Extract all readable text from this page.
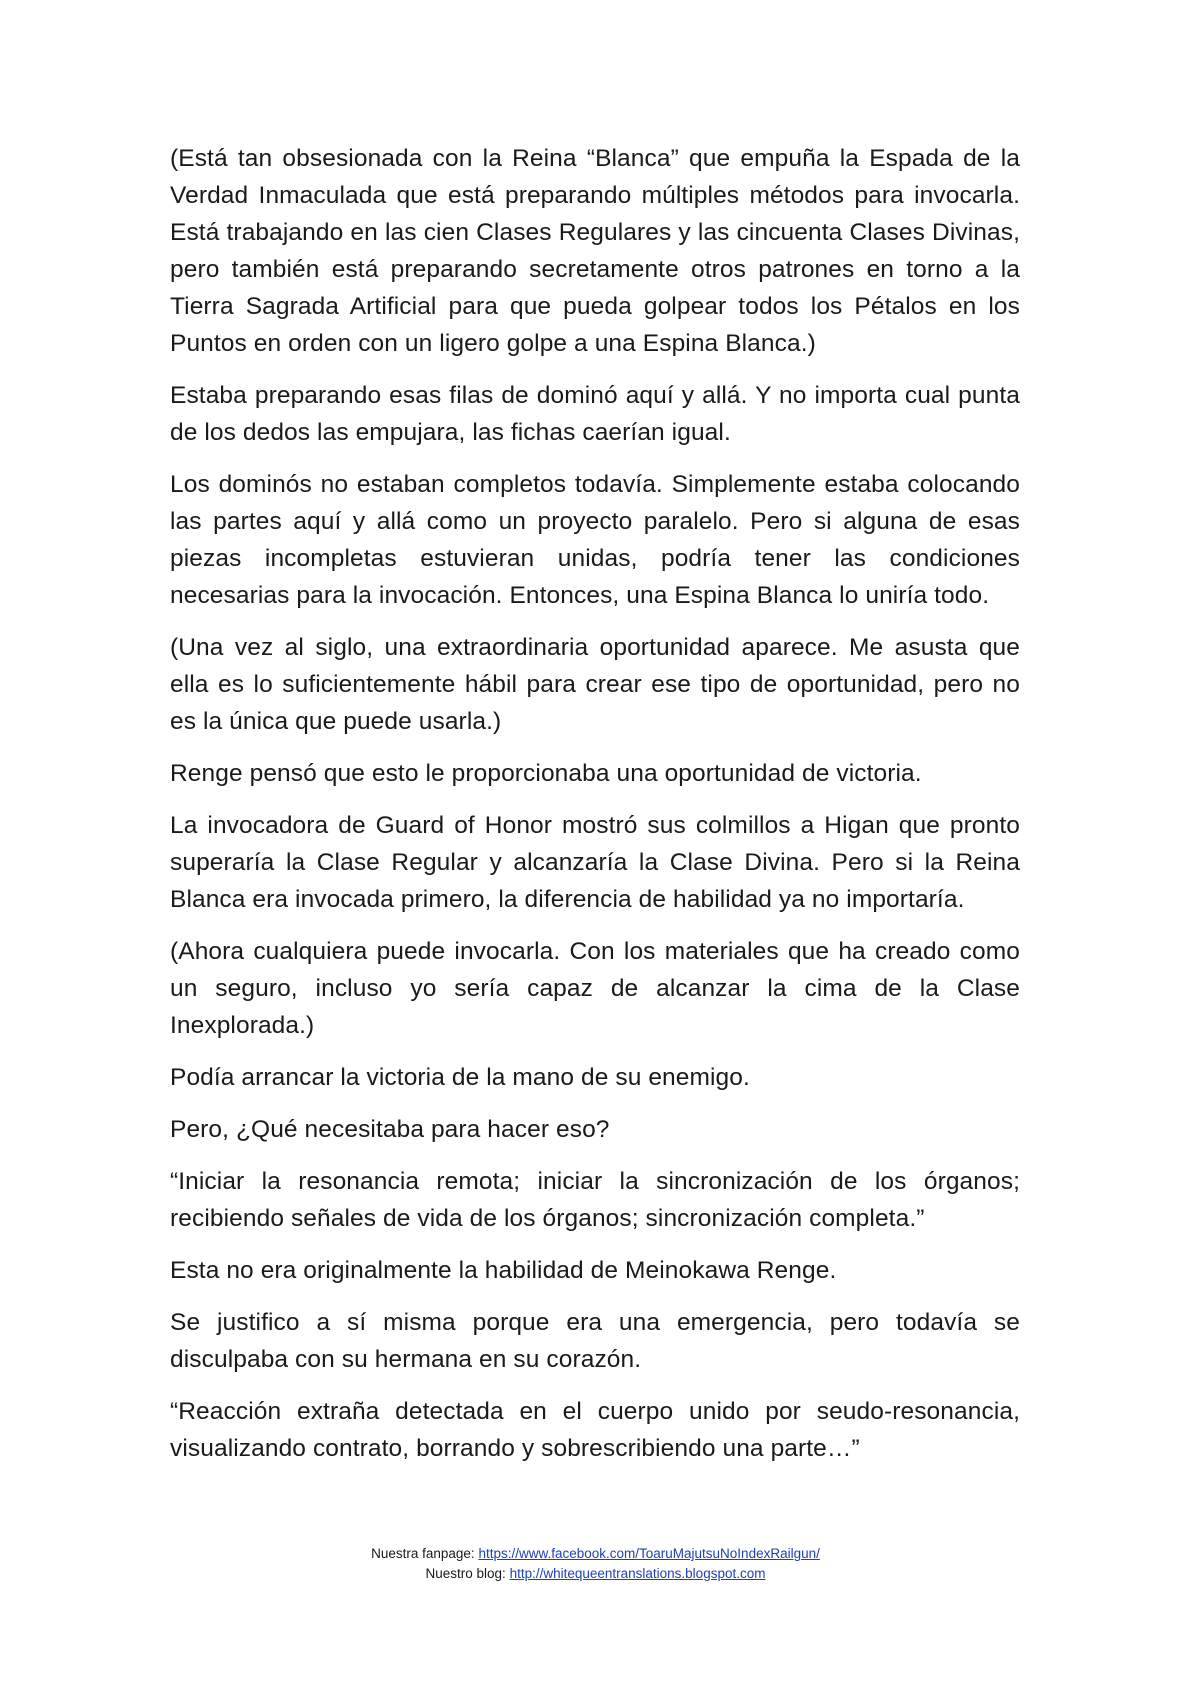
(Está tan obsesionada con la Reina “Blanca” que empuña la Espada de la Verdad Inmaculada que está preparando múltiples métodos para invocarla. Está trabajando en las cien Clases Regulares y las cincuenta Clases Divinas, pero también está preparando secretamente otros patrones en torno a la Tierra Sagrada Artificial para que pueda golpear todos los Pétalos en los Puntos en orden con un ligero golpe a una Espina Blanca.)

Estaba preparando esas filas de dominó aquí y allá. Y no importa cual punta de los dedos las empujara, las fichas caerían igual.

Los dominós no estaban completos todavía. Simplemente estaba colocando las partes aquí y allá como un proyecto paralelo. Pero si alguna de esas piezas incompletas estuvieran unidas, podría tener las condiciones necesarias para la invocación. Entonces, una Espina Blanca lo uniría todo.

(Una vez al siglo, una extraordinaria oportunidad aparece. Me asusta que ella es lo suficientemente hábil para crear ese tipo de oportunidad, pero no es la única que puede usarla.)

Renge pensó que esto le proporcionaba una oportunidad de victoria.

La invocadora de Guard of Honor mostró sus colmillos a Higan que pronto superaría la Clase Regular y alcanzaría la Clase Divina. Pero si la Reina Blanca era invocada primero, la diferencia de habilidad ya no importaría.

(Ahora cualquiera puede invocarla. Con los materiales que ha creado como un seguro, incluso yo sería capaz de alcanzar la cima de la Clase Inexplorada.)

Podía arrancar la victoria de la mano de su enemigo.

Pero, ¿Qué necesitaba para hacer eso?

“Iniciar la resonancia remota; iniciar la sincronización de los órganos; recibiendo señales de vida de los órganos; sincronización completa.”

Esta no era originalmente la habilidad de Meinokawa Renge.

Se justifico a sí misma porque era una emergencia, pero todavía se disculpaba con su hermana en su corazón.

“Reacción extraña detectada en el cuerpo unido por seudo-resonancia, visualizando contrato, borrando y sobrescribiendo una parte…”

Nuestra fanpage: https://www.facebook.com/ToaruMajutsuNoIndexRailgun/
Nuestro blog: http://whitequeentranslations.blogspot.com
